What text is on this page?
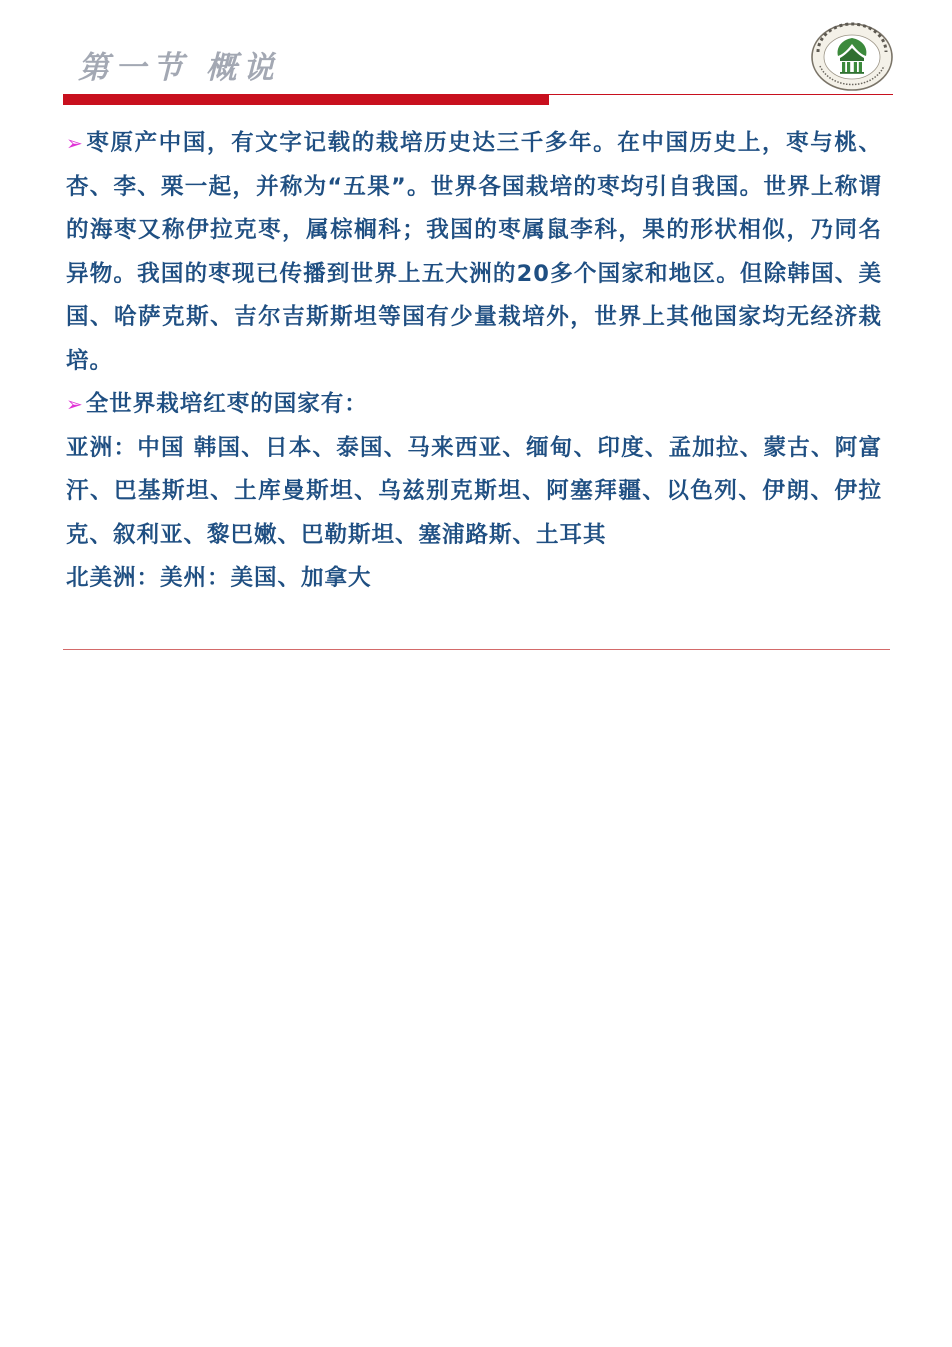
第一节 概说

➢枣原产中国，有文字记载的栽培历史达三千多年。在中国历史上，枣与桃、杏、李、栗一起，并称为“五果”。世界各国栽培的枣均引自我国。世界上称谓的海枣又称伊拉克枣，属棕榈科；我国的枣属鼠李科，果的形状相似，乃同名异物。我国的枣现已传播到世界上五大洲的20多个国家和地区。但除韩国、美国、哈萨克斯、吉尔吉斯斯坦等国有少量栽培外，世界上其他国家均无经济栽培。

➢全世界栽培红枣的国家有：

亚洲：中国 韩国、日本、泰国、马来西亚、缅甸、印度、孟加拉、蒙古、阿富汗、巴基斯坦、土库曼斯坦、乌兹别克斯坦、阿塞拜疆、以色列、伊朗、伊拉克、叙利亚、黎巴嫩、巴勒斯坦、塞浦路斯、土耳其

北美洲：美州：美国、加拿大
